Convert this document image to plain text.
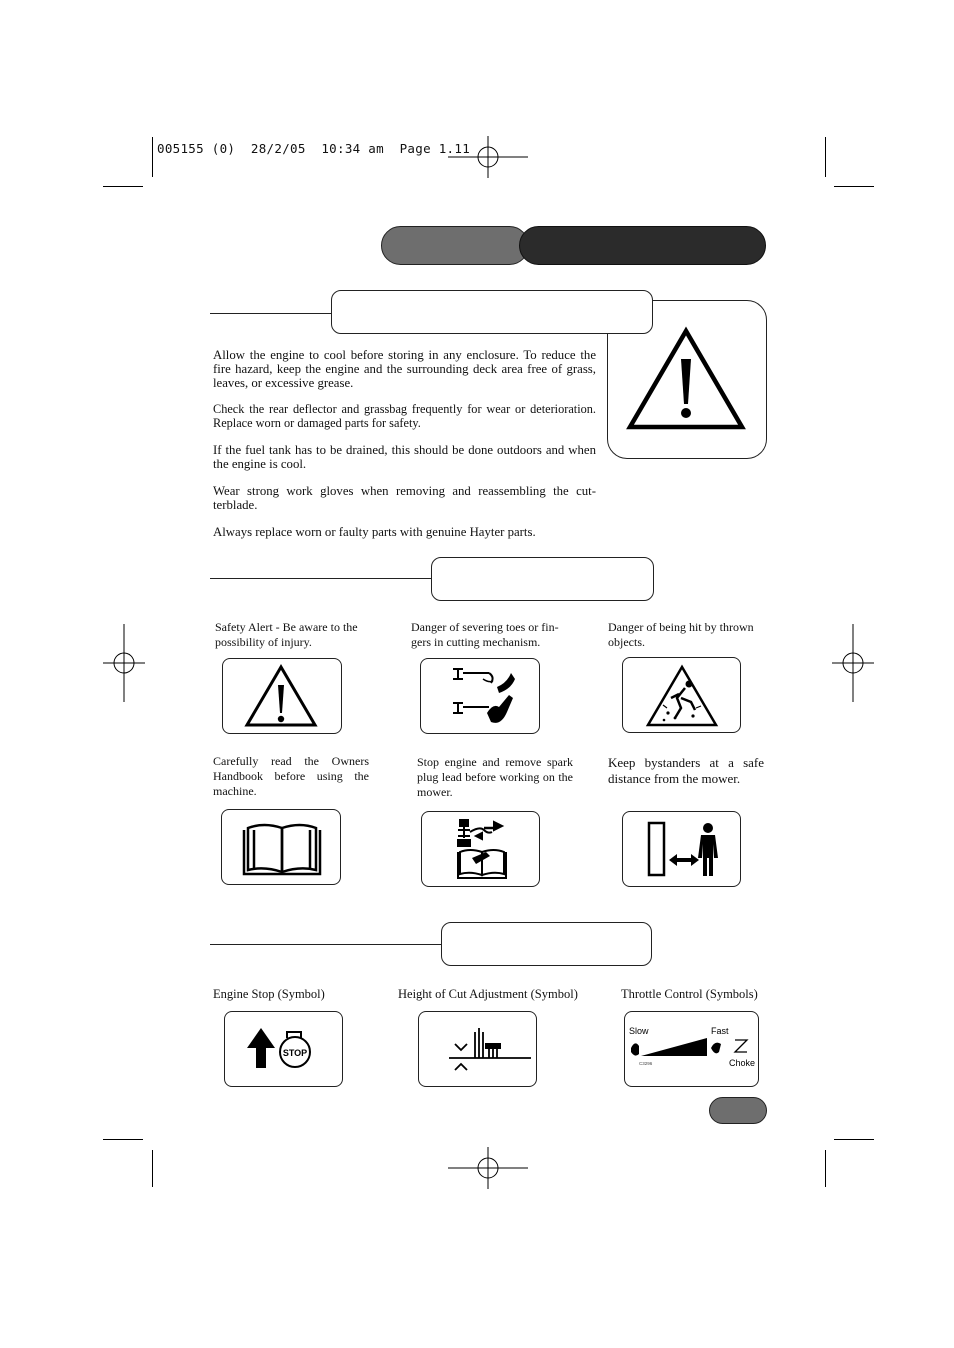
005155 (0)  28/2/05  10:34 am  Page 1.11

Allow the engine to cool before storing in any enclosure. To reduce the fire hazard, keep the engine and the surrounding deck area free of grass, leaves, or excessive grease.

Check the rear deflector and grassbag frequently for wear or deterioration. Replace worn or damaged parts for safety.

If the fuel tank has to be drained, this should be done outdoors and when the engine is cool.

Wear strong work gloves when removing and reassembling the cut-terblade.

Always replace worn or faulty parts with genuine Hayter parts.

Safety Alert - Be aware to the possibility of injury.
Danger of severing toes or fin-gers in cutting mechanism.
Danger of being hit by thrown objects.
Carefully read the Owners Handbook before using the machine.
Stop engine and remove spark plug lead before working on the mower.
Keep bystanders at a safe distance from the mower.
Engine Stop (Symbol)	Height of Cut Adjustment (Symbol)	Throttle Control (Symbols)
STOP
Slow	Fast
Choke
C3296
